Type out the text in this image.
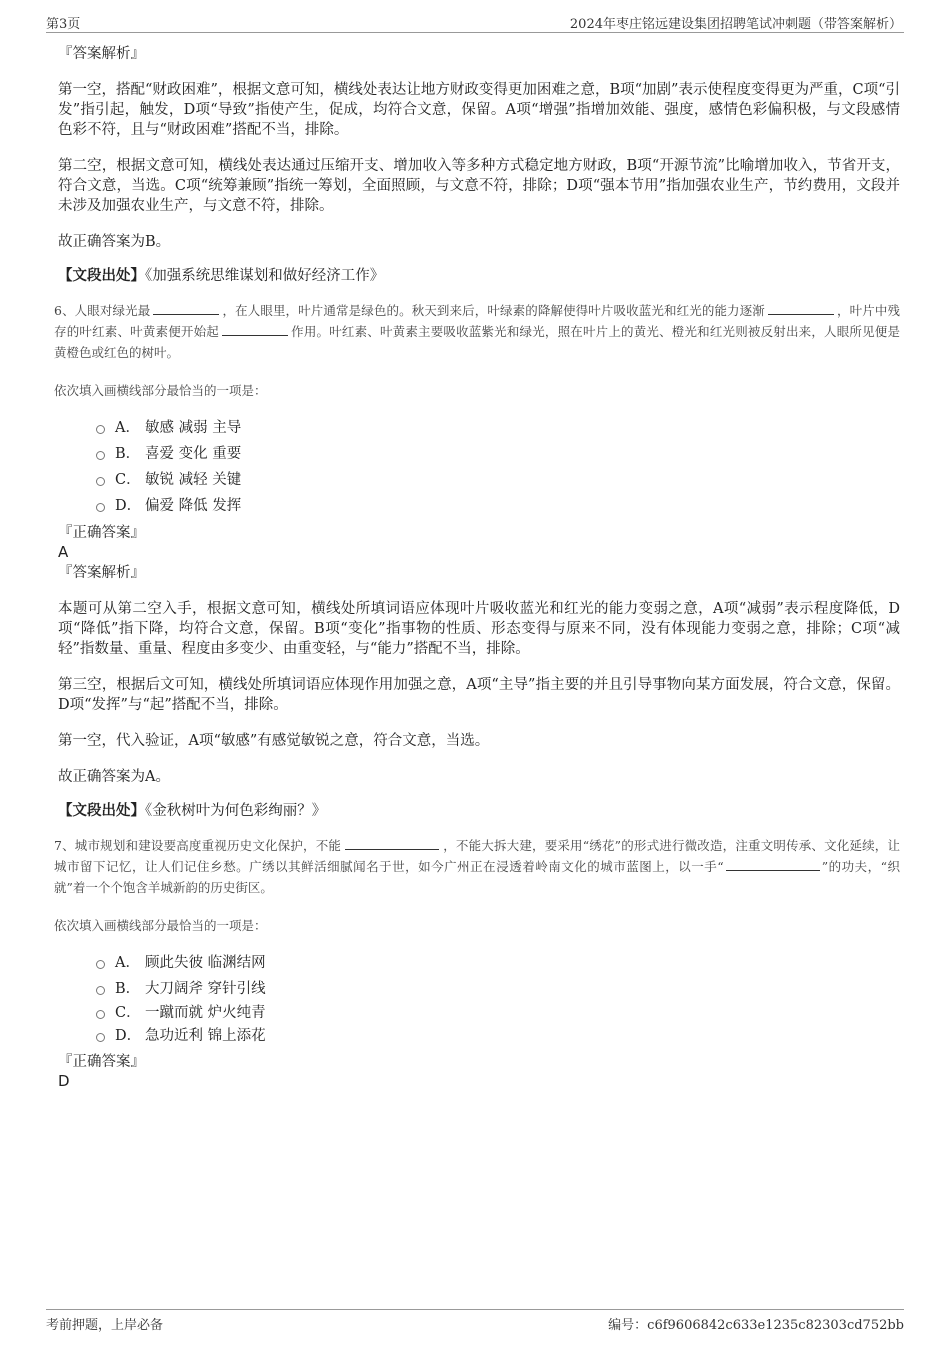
第3页	2024年枣庄铭远建设集团招聘笔试冲刺题（带答案解析）

『答案解析』

第一空，搭配“财政困难”，根据文意可知，横线处表达让地方财政变得更加困难之意，B项“加剧”表示使程度变得更为严重，C项“引发”指引起，触发，D项“导致”指使产生，促成，均符合文意，保留。A项“增强”指增加效能、强度，感情色彩偏积极，与文段感情色彩不符，且与“财政困难”搭配不当，排除。

第二空，根据文意可知，横线处表达通过压缩开支、增加收入等多种方式稳定地方财政，B项“开源节流”比喻增加收入，节省开支，符合文意，当选。C项“统筹兼顾”指统一筹划，全面照顾，与文意不符，排除；D项“强本节用”指加强农业生产，节约费用，文段并未涉及加强农业生产，与文意不符，排除。

故正确答案为B。

【文段出处】《加强系统思维谋划和做好经济工作》

6、人眼对绿光最	，在人眼里，叶片通常是绿色的。秋天到来后，叶绿素的降解使得叶片吸收蓝光和红光的能力逐渐	，叶片中残存的叶红素、叶黄素便开始起	作用。叶红素、叶黄素主要吸收蓝紫光和绿光，照在叶片上的黄光、橙光和红光则被反射出来，人眼所见便是黄橙色或红色的树叶。

依次填入画横线部分最恰当的一项是：

A． 敏感 减弱 主导
B． 喜爱 变化 重要
C． 敏锐 减轻 关键
D． 偏爱 降低 发挥

『正确答案』

A

『答案解析』

本题可从第二空入手，根据文意可知，横线处所填词语应体现叶片吸收蓝光和红光的能力变弱之意，A项“减弱”表示程度降低，D项“降低”指下降，均符合文意，保留。B项“变化”指事物的性质、形态变得与原来不同，没有体现能力变弱之意，排除；C项“减轻”指数量、重量、程度由多变少、由重变轻，与“能力”搭配不当，排除。

第三空，根据后文可知，横线处所填词语应体现作用加强之意，A项“主导”指主要的并且引导事物向某方面发展，符合文意，保留。D项“发挥”与“起”搭配不当，排除。

第一空，代入验证，A项“敏感”有感觉敏锐之意，符合文意，当选。

故正确答案为A。

【文段出处】《金秋树叶为何色彩绚丽？》

7、城市规划和建设要高度重视历史文化保护，不能	，不能大拆大建，要采用“绣花”的形式进行微改造，注重文明传承、文化延续，让城市留下记忆，让人们记住乡愁。广绣以其鲜活细腻闻名于世，如今广州正在浸透着岭南文化的城市蓝图上，以一手“	”的功夫，“织就”着一个个饱含羊城新韵的历史街区。

依次填入画横线部分最恰当的一项是：

A． 顾此失彼 临渊结网
B． 大刀阔斧 穿针引线
C． 一蹴而就 炉火纯青
D． 急功近利 锦上添花

『正确答案』

D

考前押题，上岸必备	编号：c6f9606842c633e1235c82303cd752bb
